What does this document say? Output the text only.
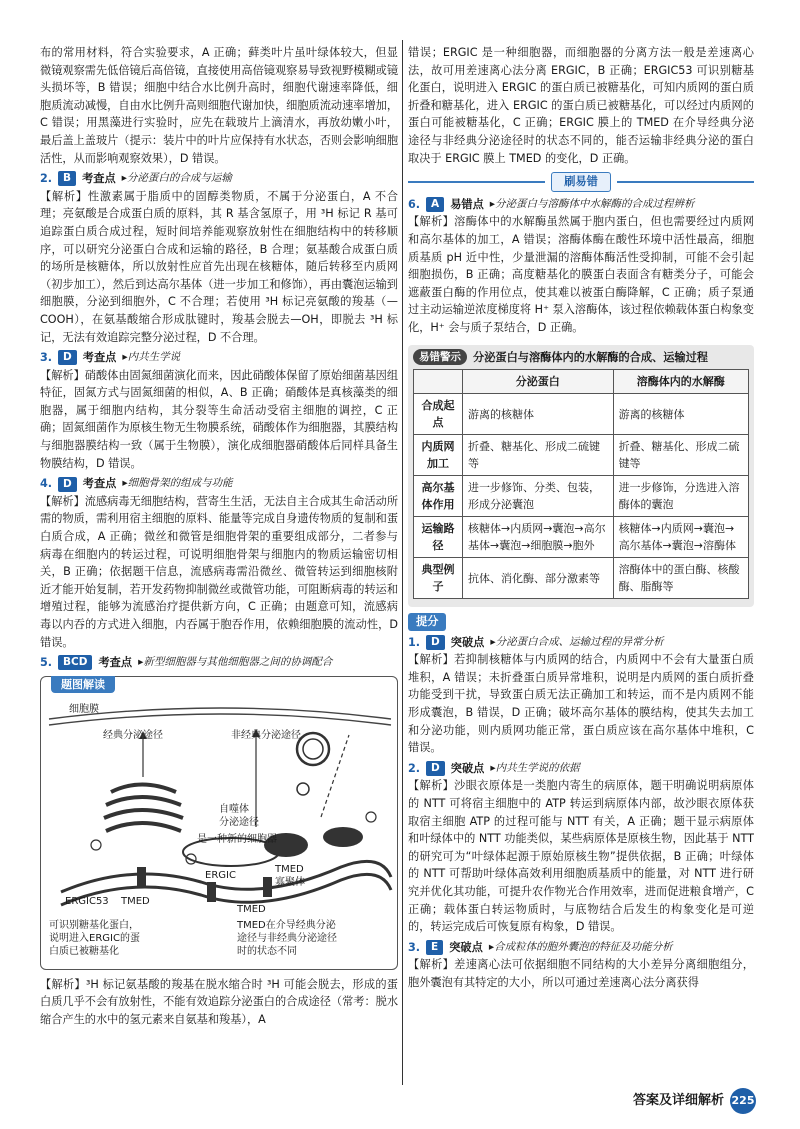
布的常用材料，符合实验要求，A 正确；藓类叶片虽叶绿体较大，但显微镜观察需先低倍镜后高倍镜，直接使用高倍镜观察易导致视野模糊或镜头损坏等，B 错误；细胞中结合水比例升高时，细胞代谢速率降低，细胞质流动减慢，自由水比例升高则细胞代谢加快，细胞质流动速率增加，C 错误；用黑藻进行实验时，应先在载玻片上滴清水，再放幼嫩小叶，最后盖上盖玻片（提示：装片中的叶片应保持有水状态，否则会影响细胞活性，从而影响观察效果），D 错误。

2.	B 考查点 ▸分泌蛋白的合成与运输

【解析】性激素属于脂质中的固醇类物质，不属于分泌蛋白，A 不合理；亮氨酸是合成蛋白质的原料，其 R 基含氢原子，用 ³H 标记 R 基可追踪蛋白质合成过程，短时间培养能观察放射性在细胞结构中的转移顺序，可以研究分泌蛋白合成和运输的路径，B 合理；氨基酸合成蛋白质的场所是核糖体，所以放射性应首先出现在核糖体，随后转移至内质网（初步加工），然后到达高尔基体（进一步加工和修饰），再由囊泡运输到细胞膜，分泌到细胞外，C 不合理；若使用 ³H 标记亮氨酸的羧基（—COOH），在氨基酸缩合形成肽键时，羧基会脱去—OH，即脱去 ³H 标记，无法有效追踪完整分泌过程，D 不合理。

3.	D 考查点 ▸内共生学说

【解析】硝酸体由固氮细菌演化而来，因此硝酸体保留了原始细菌基因组特征，固氮方式与固氮细菌的相似，A、B 正确；硝酸体是真核藻类的细胞器，属于细胞内结构，其分裂等生命活动受宿主细胞的调控，C 正确；固氮细菌作为原核生物无生物膜系统，硝酸体作为细胞器，其膜结构与细胞器膜结构一致（属于生物膜），演化成细胞器硝酸体后同样具备生物膜结构，D 错误。

4.	D 考查点 ▸细胞骨架的组成与功能

【解析】流感病毒无细胞结构，营寄生生活，无法自主合成其生命活动所需的物质，需利用宿主细胞的原料、能量等完成自身遗传物质的复制和蛋白质合成，A 正确；微丝和微管是细胞骨架的重要组成部分，二者参与病毒在细胞内的转运过程，可说明细胞骨架与细胞内的物质运输密切相关，B 正确；依据题干信息，流感病毒需沿微丝、微管转运到细胞核附近才能开始复制，若开发药物抑制微丝或微管功能，可阻断病毒的转运和增殖过程，能够为流感治疗提供新方向，C 正确；由题意可知，流感病毒以内吞的方式进入细胞，内吞属于胞吞作用，依赖细胞膜的流动性，D 错误。

5.	BCD 考查点 ▸新型细胞器与其他细胞器之间的协调配合
题图解读
细胞膜
经典分泌途径	非经典分泌途径
自噬体
分泌途径
是一种新的细胞器
ERGIC
TMED
寡聚体
ERGIC53 TMED
TMED
可识别糖基化蛋白，
说明进入ERGIC的蛋
白质已被糖基化
TMED在介导经典分泌
途径与非经典分泌途径
时的状态不同

【解析】³H 标记氨基酸的羧基在脱水缩合时 ³H 可能会脱去，形成的蛋白质几乎不会有放射性，不能有效追踪分泌蛋白的合成途径（常考：脱水缩合产生的水中的氢元素来自氨基和羧基），A

错误；ERGIC 是一种细胞器，而细胞器的分离方法一般是差速离心法，故可用差速离心法分离 ERGIC，B 正确；ERGIC53 可识别糖基化蛋白，说明进入 ERGIC 的蛋白质已被糖基化，可知内质网的蛋白质折叠和糖基化，进入 ERGIC 的蛋白质已被糖基化，可以经过内质网的蛋白可能被糖基化，C 正确；ERGIC 膜上的 TMED 在介导经典分泌途径与非经典分泌途径时的状态不同的，能否运输非经典分泌的蛋白取决于 ERGIC 膜上 TMED 的变化，D 正确。

刷易错
6.	A 易错点 ▸分泌蛋白与溶酶体中水解酶的合成过程辨析

【解析】溶酶体中的水解酶虽然属于胞内蛋白，但也需要经过内质网和高尔基体的加工，A 错误；溶酶体酶在酸性环境中活性最高，细胞质基质 pH 近中性，少量泄漏的溶酶体酶活性受抑制，可能不会引起细胞损伤，B 正确；高度糖基化的膜蛋白表面含有糖类分子，可能会遮蔽蛋白酶的作用位点，使其难以被蛋白酶降解，C 正确；质子泵通过主动运输逆浓度梯度将 H⁺ 泵入溶酶体，该过程依赖载体蛋白构象变化，H⁺ 会与质子泵结合，D 正确。

易错警示	分泌蛋白与溶酶体内的水解酶的合成、运输过程
	分泌蛋白	溶酶体内的水解酶
合成起点	游离的核糖体	游离的核糖体
内质网加工	折叠、糖基化、形成二硫键等	折叠、糖基化、形成二硫键等
高尔基体作用	进一步修饰、分类、包装，形成分泌囊泡	进一步修饰，分选进入溶酶体的囊泡
运输路径	核糖体→内质网→囊泡→高尔基体→囊泡→细胞膜→胞外	核糖体→内质网→囊泡→高尔基体→囊泡→溶酶体
典型例子	抗体、消化酶、部分激素等	溶酶体中的蛋白酶、核酸酶、脂酶等
提分
1.	D 突破点 ▸分泌蛋白合成、运输过程的异常分析

【解析】若抑制核糖体与内质网的结合，内质网中不会有大量蛋白质堆积，A 错误；未折叠蛋白质异常堆积，说明是内质网的蛋白质折叠功能受到干扰，导致蛋白质无法正确加工和转运，而不是内质网不能形成囊泡，B 错误，D 正确；破坏高尔基体的膜结构，使其失去加工和分泌功能，则内质网功能正常，蛋白质应该在高尔基体中堆积，C 错误。

2.	D 突破点 ▸内共生学说的依据

【解析】沙眼衣原体是一类胞内寄生的病原体，题干明确说明病原体的 NTT 可将宿主细胞中的 ATP 转运到病原体内部，故沙眼衣原体获取宿主细胞 ATP 的过程可能与 NTT 有关，A 正确；题干显示病原体和叶绿体中的 NTT 功能类似，某些病原体是原核生物，因此基于 NTT 的研究可为“叶绿体起源于原始原核生物”提供依据，B 正确；叶绿体的 NTT 可帮助叶绿体高效利用细胞质基质中的能量，对 NTT 进行研究并优化其功能，可提升农作物光合作用效率，进而促进粮食增产，C 正确；载体蛋白转运物质时，与底物结合后发生的构象变化是可逆的，转运完成后可恢复原有构象，D 错误。

3.	E 突破点 ▸合成粒体的胞外囊泡的特征及功能分析

【解析】差速离心法可依据细胞不同结构的大小差异分离细胞组分，胞外囊泡有其特定的大小，所以可通过差速离心法分离获得

答案及详细解析 225
